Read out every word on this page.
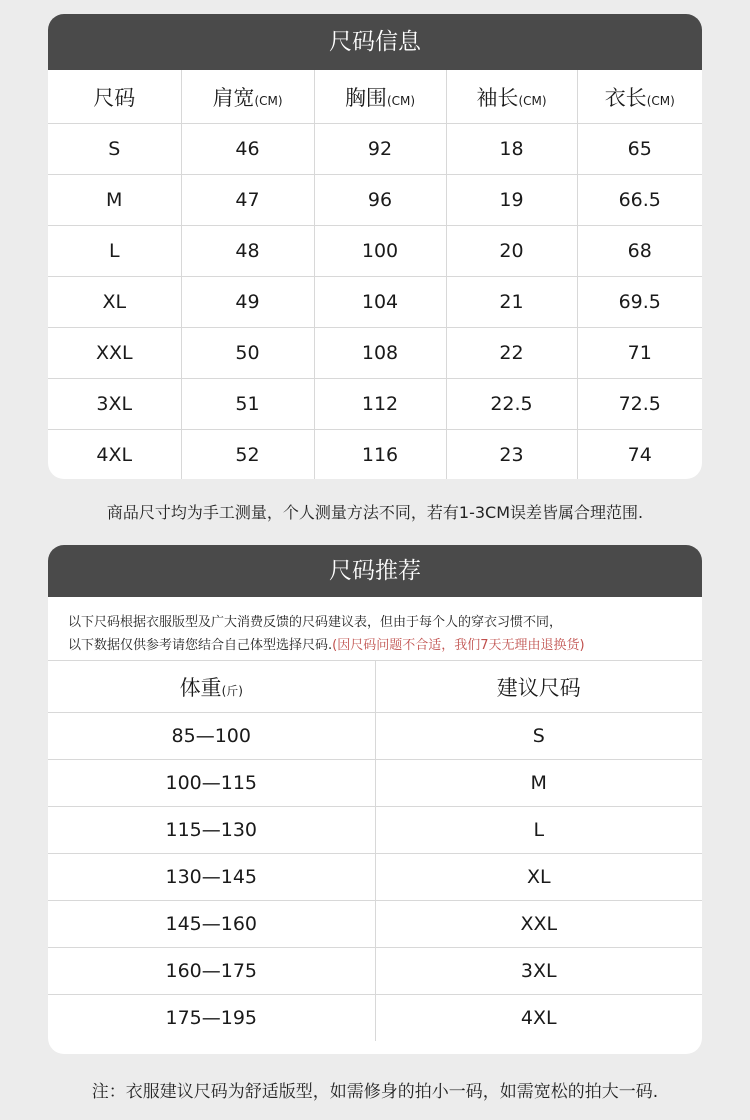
尺码信息
尺码	肩宽(CM)	胸围(CM)	袖长(CM)	衣长(CM)
S	46	92	18	65
M	47	96	19	66.5
L	48	100	20	68
XL	49	104	21	69.5
XXL	50	108	22	71
3XL	51	112	22.5	72.5
4XL	52	116	23	74
商品尺寸均为手工测量，个人测量方法不同，若有1-3CM误差皆属合理范围.
尺码推荐
以下尺码根据衣服版型及广大消费反馈的尺码建议表，但由于每个人的穿衣习惯不同，
以下数据仅供参考请您结合自己体型选择尺码.(因尺码问题不合适，我们7天无理由退换货)
体重(斤)	建议尺码
85—100	S
100—115	M
115—130	L
130—145	XL
145—160	XXL
160—175	3XL
175—195	4XL
注：衣服建议尺码为舒适版型，如需修身的拍小一码，如需宽松的拍大一码.
